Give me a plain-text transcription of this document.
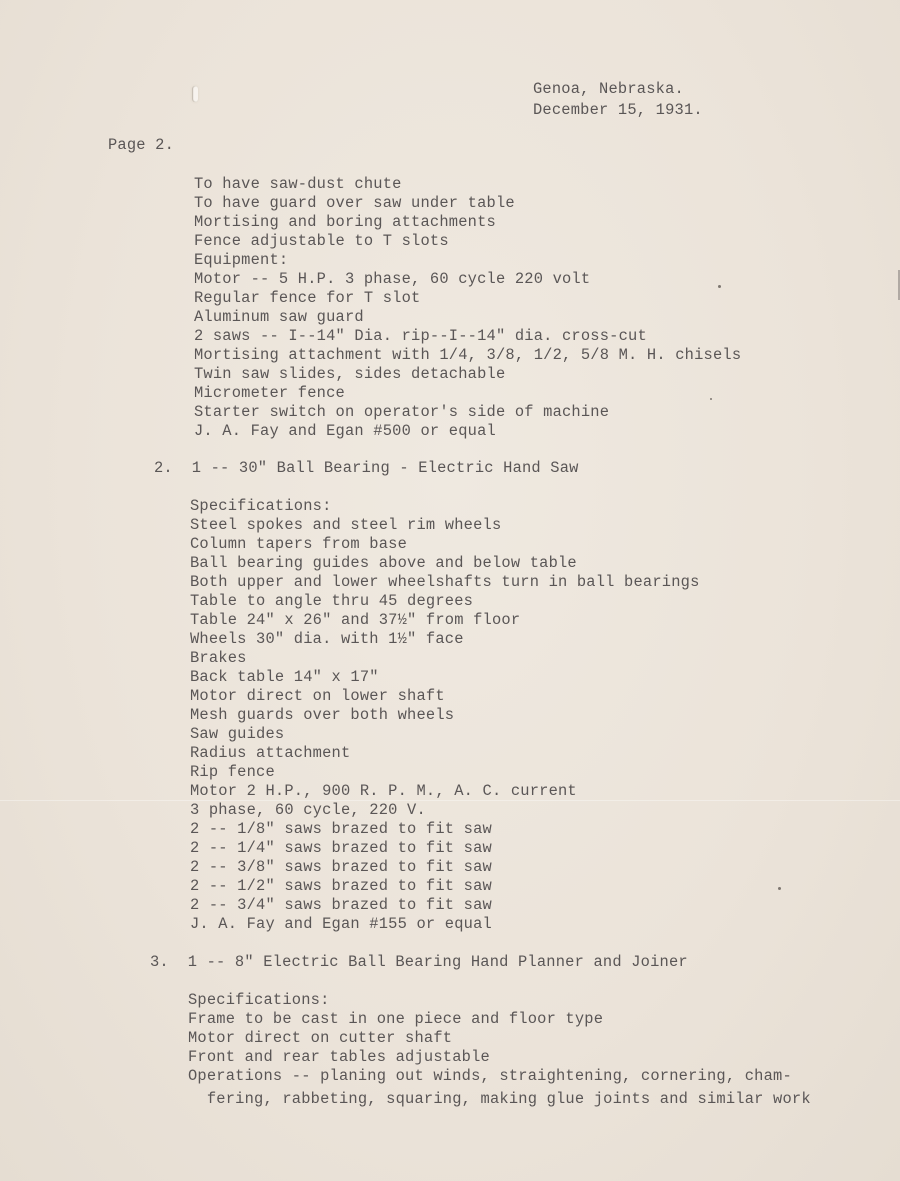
Genoa, Nebraska.
December 15, 1931.
Page 2.
To have saw-dust chute
To have guard over saw under table
Mortising and boring attachments
Fence adjustable to T slots
Equipment:
Motor -- 5 H.P. 3 phase, 60 cycle 220 volt
Regular fence for T slot
Aluminum saw guard
2 saws -- I--14" Dia. rip--I--14" dia. cross-cut
Mortising attachment with 1/4, 3/8, 1/2, 5/8 M. H. chisels
Twin saw slides, sides detachable
Micrometer fence
Starter switch on operator's side of machine
J. A. Fay and Egan #500 or equal
2.  1 -- 30" Ball Bearing - Electric Hand Saw
Specifications:
Steel spokes and steel rim wheels
Column tapers from base
Ball bearing guides above and below table
Both upper and lower wheelshafts turn in ball bearings
Table to angle thru 45 degrees
Table 24" x 26" and 37½" from floor
Wheels 30" dia. with 1½" face
Brakes
Back table 14" x 17"
Motor direct on lower shaft
Mesh guards over both wheels
Saw guides
Radius attachment
Rip fence
Motor 2 H.P., 900 R. P. M., A. C. current
3 phase, 60 cycle, 220 V.
2 -- 1/8" saws brazed to fit saw
2 -- 1/4" saws brazed to fit saw
2 -- 3/8" saws brazed to fit saw
2 -- 1/2" saws brazed to fit saw
2 -- 3/4" saws brazed to fit saw
J. A. Fay and Egan #155 or equal
3.  1 -- 8" Electric Ball Bearing Hand Planner and Joiner
Specifications:
Frame to be cast in one piece and floor type
Motor direct on cutter shaft
Front and rear tables adjustable
Operations -- planing out winds, straightening, cornering, cham-
fering, rabbeting, squaring, making glue joints and similar work
